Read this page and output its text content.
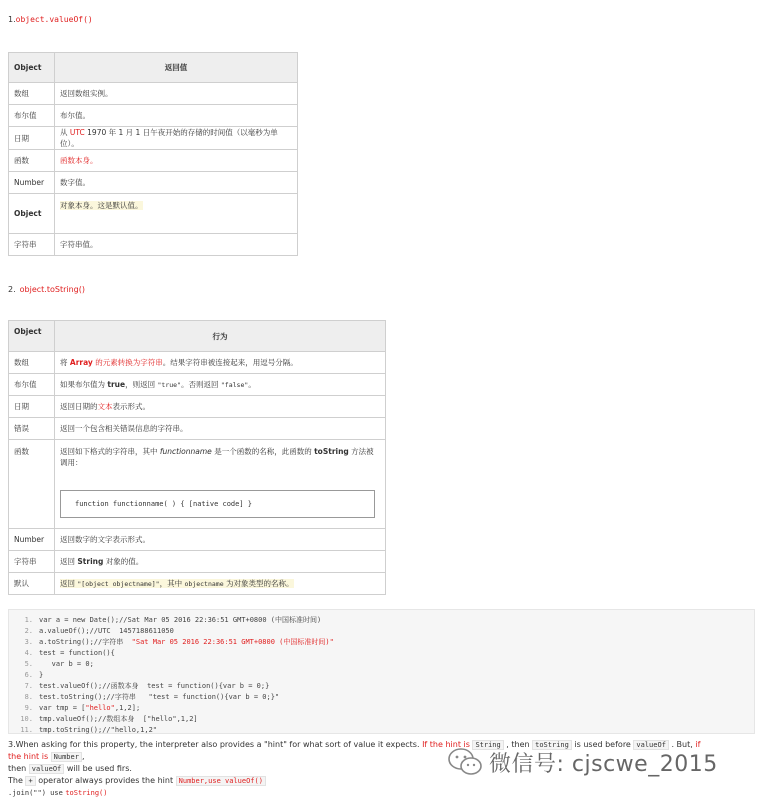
1.object.valueOf()
Object	返回值
数组	返回数组实例。
布尔值	布尔值。
日期	从 UTC 1970 年 1 月 1 日午夜开始的存储的时间值（以毫秒为单位）。
函数	函数本身。
Number	数字值。
Object	对象本身。这是默认值。
字符串	字符串值。
2. object.toString()
Object	行为
数组	将 Array 的元素转换为字符串。结果字符串被连接起来，用逗号分隔。
布尔值	如果布尔值为 true，则返回 "true"。否则返回 "false"。
日期	返回日期的文本表示形式。
错误	返回一个包含相关错误信息的字符串。
函数	返回如下格式的字符串，其中 functionname 是一个函数的名称，此函数的 toString 方法被调用：
function functionname( ) { [native code] }

Number	返回数字的文字表示形式。
字符串	返回 String 对象的值。
默认	返回 "[object objectname]"，其中 objectname 为对象类型的名称。
1. var a = new Date();//Sat Mar 05 2016 22:36:51 GMT+0800 (中国标准时间)
2. a.valueOf();//UTC  1457188611050
3. a.toString();//字符串  "Sat Mar 05 2016 22:36:51 GMT+0800 (中国标准时间)"
4. test = function(){
5. var b = 0;
6. }
7. test.valueOf();//函数本身  test = function(){var b = 0;}
8. test.toString();//字符串   "test = function(){var b = 0;}"
9. var tmp = ["hello",1,2];
10. tmp.valueOf();//数组本身  ["hello",1,2]
11. tmp.toString();//"hello,1,2"
3.When asking for this property, the interpreter also provides a "hint" for what sort of value it expects. If the hint is String , then toString is used before valueOf . But, if the hint is Number ,
then valueOf will be used firs.
The + operator always provides the hint Number,use valueOf()
.join("") use toString()
微信号: cjscwe_2015
